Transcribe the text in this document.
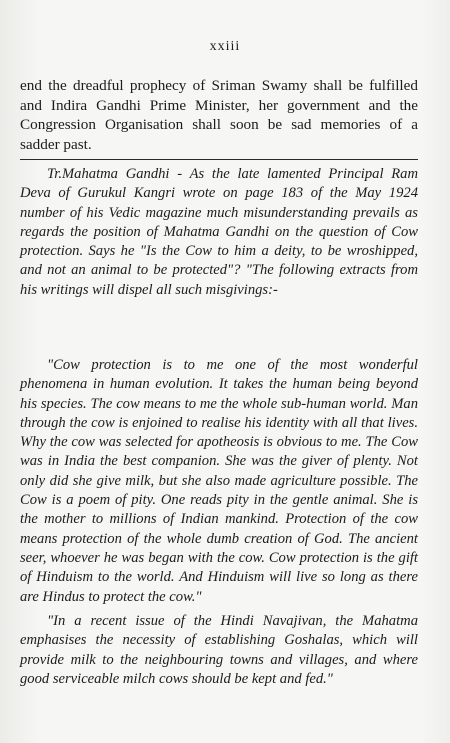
xxiii

end the dreadful prophecy of Sriman Swamy shall be fulfilled and Indira Gandhi Prime Minister, her government and the Congression Organisation shall soon be sad memories of a sadder past.

Tr.Mahatma Gandhi - As the late lamented Principal Ram Deva of Gurukul Kangri wrote on page 183 of the May 1924 number of his Vedic magazine much misunderstanding prevails as regards the position of Mahatma Gandhi on the question of Cow protection. Says he "Is the Cow to him a deity, to be wroshipped, and not an animal to be protected"? "The following extracts from his writings will dispel all such misgivings:-

"Cow protection is to me one of the most wonderful phenomena in human evolution. It takes the human being beyond his species. The cow means to me the whole sub-human world. Man through the cow is enjoined to realise his identity with all that lives. Why the cow was selected for apotheosis is obvious to me. The Cow was in India the best companion. She was the giver of plenty. Not only did she give milk, but she also made agriculture possible. The Cow is a poem of pity. One reads pity in the gentle animal. She is the mother to millions of Indian mankind. Protection of the cow means protection of the whole dumb creation of God. The ancient seer, whoever he was began with the cow. Cow protection is the gift of Hinduism to the world. And Hinduism will live so long as there are Hindus to protect the cow."

"In a recent issue of the Hindi Navajivan, the Mahatma emphasises the necessity of establishing Goshalas, which will provide milk to the neighbouring towns and villages, and where good serviceable milch cows should be kept and fed."
